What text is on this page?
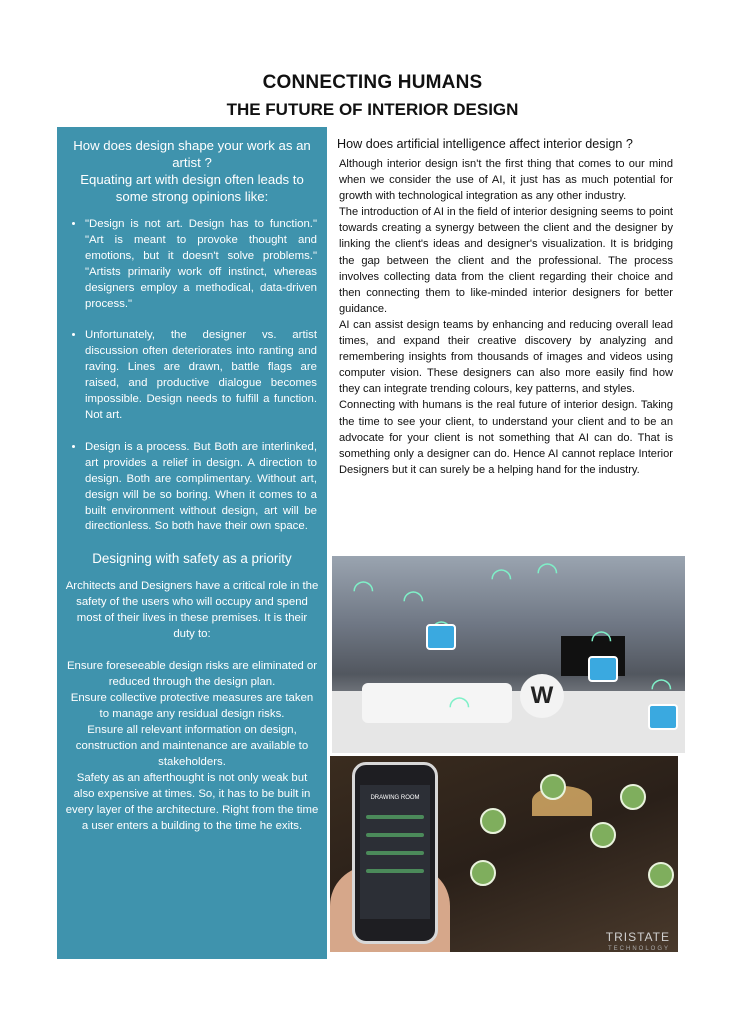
CONNECTING HUMANS
THE FUTURE OF INTERIOR DESIGN
How does design shape your work as an artist ?
Equating art with design often leads to some strong opinions like:
• "Design is not art. Design has to function." "Art is meant to provoke thought and emotions, but it doesn't solve problems." "Artists primarily work off instinct, whereas designers employ a methodical, data-driven process."
• Unfortunately, the designer vs. artist discussion often deteriorates into ranting and raving. Lines are drawn, battle flags are raised, and productive dialogue becomes impossible. Design needs to fulfill a function. Not art.
• Design is a process. But Both are interlinked, art provides a relief in design. A direction to design. Both are complimentary. Without art, design will be so boring. When it comes to a built environment without design, art will be directionless. So both have their own space.
Designing with safety as a priority
Architects and Designers have a critical role in the safety of the users who will occupy and spend most of their lives in these premises. It is their duty to:
Ensure foreseeable design risks are eliminated or reduced through the design plan.
Ensure collective protective measures are taken to manage any residual design risks.
Ensure all relevant information on design, construction and maintenance are available to stakeholders.
Safety as an afterthought is not only weak but also expensive at times. So, it has to be built in every layer of the architecture. Right from the time a user enters a building to the time he exits.
How does artificial intelligence affect interior design ?

Although interior design isn't the first thing that comes to our mind when we consider the use of AI, it just has as much potential for growth with technological integration as any other industry.

The introduction of AI in the field of interior designing seems to point towards creating a synergy between the client and the designer by linking the client's ideas and designer's visualization. It is bridging the gap between the client and the professional. The process involves collecting data from the client regarding their choice and then connecting them to like-minded interior designers for better guidance.

AI can assist design teams by enhancing and reducing overall lead times, and expand their creative discovery by analyzing and remembering insights from thousands of images and videos using computer vision. These designers can also more easily find how they can integrate trending colours, key patterns, and styles.

Connecting with humans is the real future of interior design. Taking the time to see your client, to understand your client and to be an advocate for your client is not something that AI can do. That is something only a designer can do. Hence AI cannot replace Interior Designers but it can surely be a helping hand for the industry.

◠ ◠
◠ ◠
◠
◠
◠	W
DRAWING ROOM
TRISTATE
TECHNOLOGY
